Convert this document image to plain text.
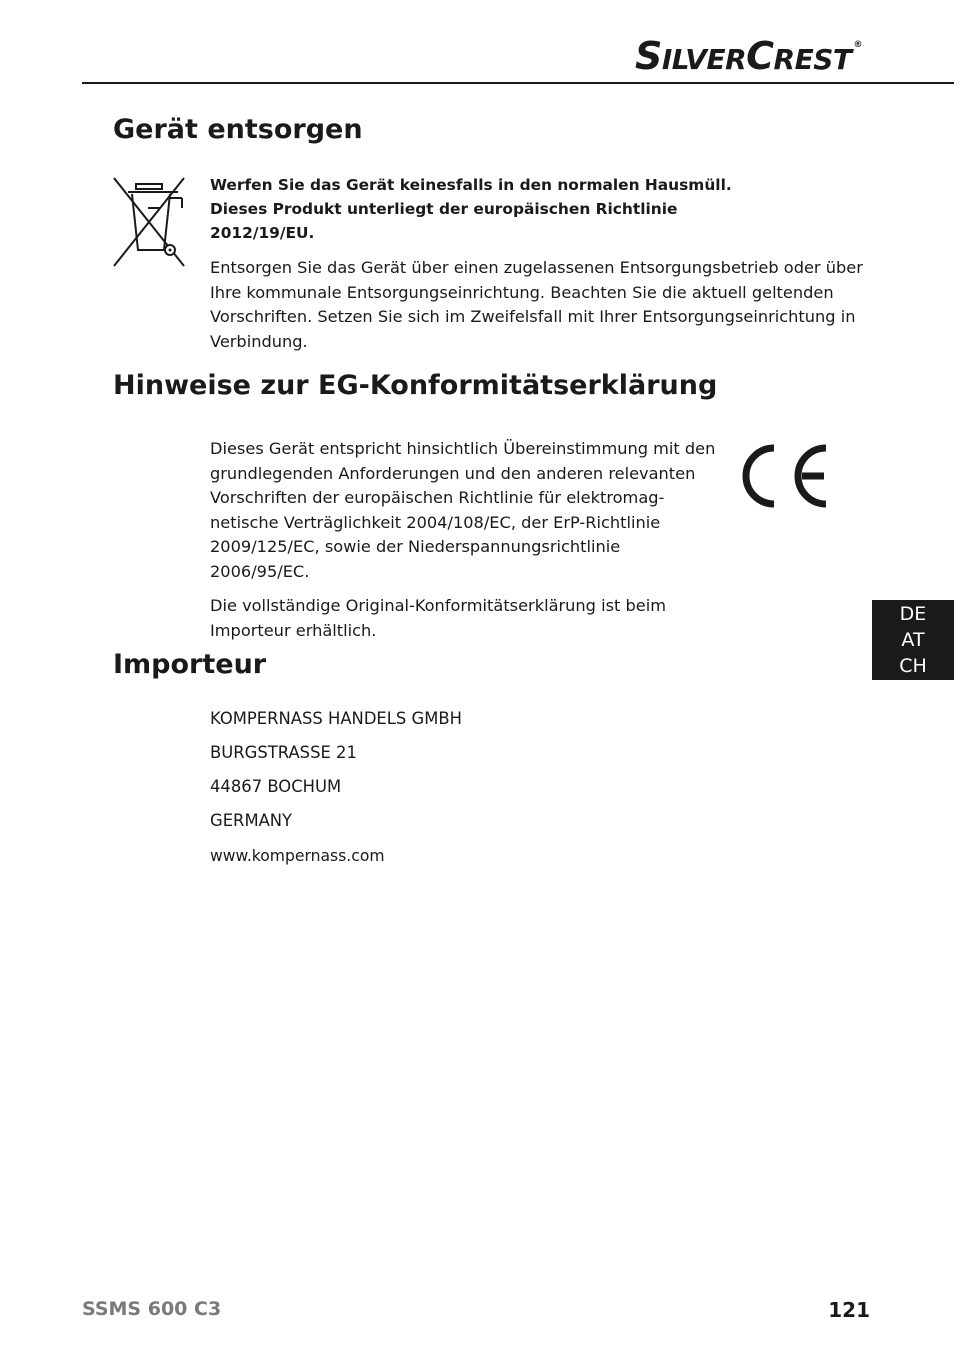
SILVERCREST ®
Gerät entsorgen

Werfen Sie das Gerät keinesfalls in den normalen Hausmüll.

Dieses Produkt unterliegt der europäischen Richtlinie

2012/19/EU.

Entsorgen Sie das Gerät über einen zugelassenen Entsorgungsbetrieb oder über

Ihre kommunale Entsorgungseinrichtung. Beachten Sie die aktuell geltenden

Vorschriften. Setzen Sie sich im Zweifelsfall mit Ihrer Entsorgungseinrichtung in

Verbindung.

Hinweise zur EG-Konformitätserklärung

Dieses Gerät entspricht hinsichtlich Übereinstimmung mit den

grundlegenden Anforderungen und den anderen relevanten

Vorschriften der europäischen Richtlinie für elektromag-

netische Verträglichkeit 2004/108/EC, der ErP-Richtlinie

2009/125/EC, sowie der Niederspannungsrichtlinie

2006/95/EC.

Die vollständige Original-Konformitätserklärung ist beim

Importeur erhältlich.

Importeur

KOMPERNASS HANDELS GMBH

BURGSTRASSE 21

44867 BOCHUM

GERMANY

www.kompernass.com

DE
AT
CH
SSMS 600 C3	121
